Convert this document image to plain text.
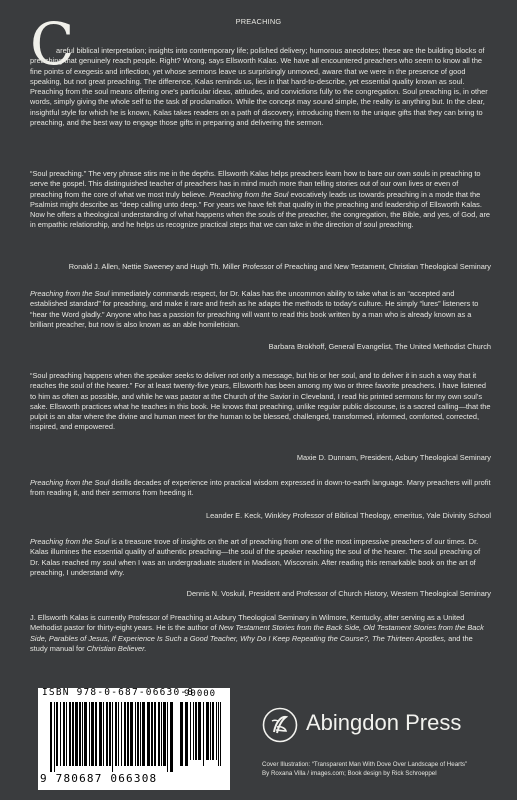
PREACHING
C

areful biblical interpretation; insights into contemporary life; polished delivery; humorous anecdotes; these are the building blocks of preaching that genuinely reach people. Right? Wrong, says Ellsworth Kalas. We have all encountered preachers who seem to know all the fine points of exegesis and inflection, yet whose sermons leave us surprisingly unmoved, aware that we were in the presence of good speaking, but not great preaching. The difference, Kalas reminds us, lies in that hard-to-describe, yet essential quality known as soul. Preaching from the soul means offering one's particular ideas, attitudes, and convictions fully to the congregation. Soul preaching is, in other words, simply giving the whole self to the task of proclamation. While the concept may sound simple, the reality is anything but. In the clear, insightful style for which he is known, Kalas takes readers on a path of discovery, introducing them to the unique gifts that they can bring to preaching, and the best way to engage those gifts in preparing and delivering the sermon.

“Soul preaching.” The very phrase stirs me in the depths. Ellsworth Kalas helps preachers learn how to bare our own souls in preaching to serve the gospel. This distinguished teacher of preachers has in mind much more than telling stories out of our own lives or even of preaching from the core of what we most truly believe. Preaching from the Soul evocatively leads us towards preaching in a mode that the Psalmist might describe as “deep calling unto deep.” For years we have felt that quality in the preaching and leadership of Ellsworth Kalas. Now he offers a theological understanding of what happens when the souls of the preacher, the congregation, the Bible, and yes, of God, are in empathic relationship, and he helps us recognize practical steps that we can take in the direction of soul preaching.

Ronald J. Allen, Nettie Sweeney and Hugh Th. Miller Professor of Preaching and New Testament, Christian Theological Seminary

Preaching from the Soul immediately commands respect, for Dr. Kalas has the uncommon ability to take what is an “accepted and established standard” for preaching, and make it rare and fresh as he adapts the methods to today's culture. He simply “lures” listeners to “hear the Word gladly.” Anyone who has a passion for preaching will want to read this book written by a man who is already known as a brilliant preacher, but now is also known as an able homiletician.

Barbara Brokhoff, General Evangelist, The United Methodist Church

“Soul preaching happens when the speaker seeks to deliver not only a message, but his or her soul, and to deliver it in such a way that it reaches the soul of the hearer.” For at least twenty-five years, Ellsworth has been among my two or three favorite preachers. I have listened to him as often as possible, and while he was pastor at the Church of the Savior in Cleveland, I read his printed sermons for my own soul's sake. Ellsworth practices what he teaches in this book. He knows that preaching, unlike regular public discourse, is a sacred calling—that the pulpit is an altar where the divine and human meet for the human to be blessed, challenged, transformed, informed, comforted, corrected, inspired, and empowered.

Maxie D. Dunnam, President, Asbury Theological Seminary

Preaching from the Soul distills decades of experience into practical wisdom expressed in down-to-earth language. Many preachers will profit from reading it, and their sermons from heeding it.

Leander E. Keck, Winkley Professor of Biblical Theology, emeritus, Yale Divinity School

Preaching from the Soul is a treasure trove of insights on the art of preaching from one of the most impressive preachers of our times. Dr. Kalas illumines the essential quality of authentic preaching—the soul of the speaker reaching the soul of the hearer. The soul preaching of Dr. Kalas reached my soul when I was an undergraduate student in Madison, Wisconsin. After reading this remarkable book on the art of preaching, I understand why.

Dennis N. Voskuil, President and Professor of Church History, Western Theological Seminary

J. Ellsworth Kalas is currently Professor of Preaching at Asbury Theological Seminary in Wilmore, Kentucky, after serving as a United Methodist pastor for thirty-eight years. He is the author of New Testament Stories from the Back Side, Old Testament Stories from the Back Side, Parables of Jesus, If Experience Is Such a Good Teacher, Why Do I Keep Repeating the Course?, The Thirteen Apostles, and the study manual for Christian Believer.

ISBN 978-0-687-06630-8
90000
9 780687 066308
Abingdon Press
Cover Illustration: “Transparent Man With Dove Over Landscape of Hearts”
By Roxana Villa / images.com; Book design by Rick Schroeppel
